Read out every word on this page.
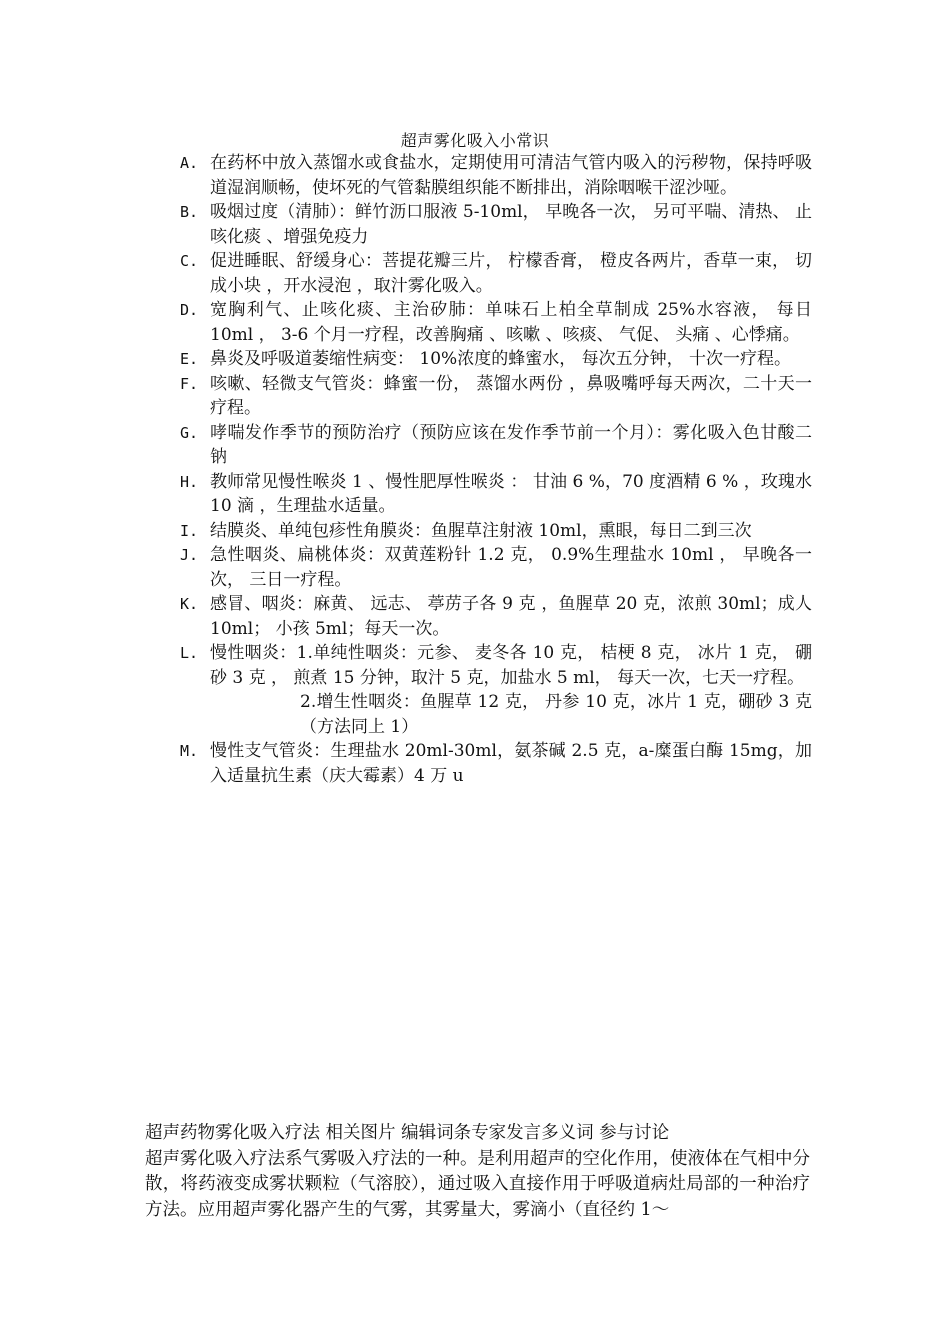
超声雾化吸入小常识
A. 在药杯中放入蒸馏水或食盐水，定期使用可清洁气管内吸入的污秽物，保持呼吸道湿润顺畅，使坏死的气管黏膜组织能不断排出，消除咽喉干涩沙哑。

B. 吸烟过度（清肺）：鲜竹沥口服液 5-10ml， 早晚各一次， 另可平喘、清热、 止咳化痰 、增强免疫力

C. 促进睡眠、舒缓身心：菩提花瓣三片， 柠檬香膏， 橙皮各两片，香草一束， 切成小块 ，开水浸泡 ，取汁雾化吸入。

D. 宽胸利气、止咳化痰、主治矽肺：单味石上柏全草制成 25%水容液， 每日 10ml ， 3-6 个月一疗程，改善胸痛 、咳嗽 、咳痰、 气促、 头痛 、心悸痛。

E. 鼻炎及呼吸道萎缩性病变： 10%浓度的蜂蜜水， 每次五分钟， 十次一疗程。

F. 咳嗽、轻微支气管炎：蜂蜜一份， 蒸馏水两份 ，鼻吸嘴呼每天两次，二十天一疗程。

G. 哮喘发作季节的预防治疗（预防应该在发作季节前一个月）：雾化吸入色甘酸二钠

H. 教师常见慢性喉炎 1 、慢性肥厚性喉炎 ： 甘油 6 %，70 度酒精 6 % ，玫瑰水 10 滴 ，生理盐水适量。

I. 结膜炎、单纯包疹性角膜炎：鱼腥草注射液 10ml，熏眼，每日二到三次

J. 急性咽炎、扁桃体炎：双黄莲粉针 1.2 克， 0.9%生理盐水 10ml ， 早晚各一次， 三日一疗程。

K. 感冒、咽炎：麻黄、 远志、 葶苈子各 9 克 ，鱼腥草 20 克，浓煎 30ml；成人 10ml； 小孩 5ml；每天一次。

L. 慢性咽炎：1.单纯性咽炎：元参、 麦冬各 10 克， 桔梗 8 克， 冰片 1 克， 硼砂 3 克 ， 煎煮 15 分钟，取汁 5 克，加盐水 5 ml， 每天一次，七天一疗程。

2.增生性咽炎：鱼腥草 12 克， 丹参 10 克，冰片 1 克，硼砂 3 克（方法同上 1）

M. 慢性支气管炎：生理盐水 20ml-30ml，氨茶碱 2.5 克，a-糜蛋白酶 15mg，加入适量抗生素（庆大霉素）4 万 u

超声药物雾化吸入疗法 相关图片 编辑词条专家发言多义词 参与讨论

超声雾化吸入疗法系气雾吸入疗法的一种。是利用超声的空化作用，使液体在气相中分散，将药液变成雾状颗粒（气溶胶），通过吸入直接作用于呼吸道病灶局部的一种治疗方法。应用超声雾化器产生的气雾，其雾量大，雾滴小（直径约 1～
